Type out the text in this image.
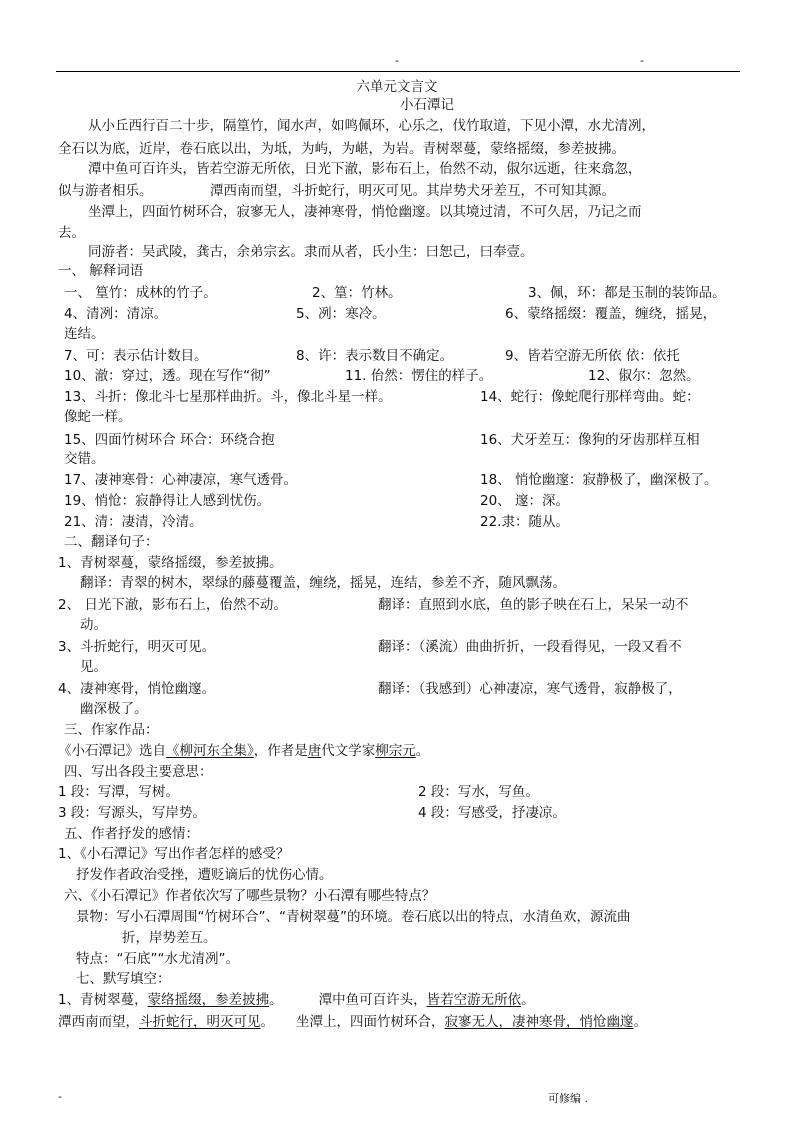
-	-
六单元文言文
小石潭记
从小丘西行百二十步，隔篁竹，闻水声，如鸣佩环，心乐之，伐竹取道，下见小潭，水尤清冽，
全石以为底，近岸，卷石底以出，为坻，为屿，为嵁，为岩。青树翠蔓，蒙络摇缀，参差披拂。
潭中鱼可百许头，皆若空游无所依，日光下澈，影布石上，佁然不动，俶尔远逝，往来翕忽，
似与游者相乐。	潭西南而望，斗折蛇行，明灭可见。其岸势犬牙差互，不可知其源。
坐潭上，四面竹树环合，寂寥无人，凄神寒骨，悄怆幽邃。以其境过清，不可久居，乃记之而
去。
同游者：吴武陵，龚古，余弟宗玄。隶而从者，氏小生：曰恕己，曰奉壹。
一、 解释词语
一、 篁竹：成林的竹子。	2、篁：竹林。	3、佩，环：都是玉制的装饰品。
4、清冽：清凉。	5、冽：寒冷。	6、蒙络摇缀：覆盖，缠绕，摇晃，
连结。
7、可：表示估计数目。	8、许：表示数目不确定。	9、皆若空游无所依 依：依托
10、澈：穿过，透。现在写作“彻”	11. 佁然：愣住的样子。	12、俶尔：忽然。
13、斗折：像北斗七星那样曲折。斗，像北斗星一样。	14、蛇行：像蛇爬行那样弯曲。蛇：
像蛇一样。
15、四面竹树环合 环合：环绕合抱	16、犬牙差互：像狗的牙齿那样互相
交错。
17、凄神寒骨：心神凄凉，寒气透骨。	18、 悄怆幽邃：寂静极了，幽深极了。
19、悄怆：寂静得让人感到忧伤。	20、 邃：深。
21、清：凄清，冷清。	22.隶：随从。
二、翻译句子：
1、青树翠蔓，蒙络摇缀，参差披拂。
翻译：青翠的树木，翠绿的藤蔓覆盖，缠绕，摇晃，连结，参差不齐，随风飘荡。
2、 日光下澈，影布石上，佁然不动。	翻译：直照到水底，鱼的影子映在石上，呆呆一动不
动。
3、斗折蛇行，明灭可见。	翻译：（溪流）曲曲折折，一段看得见，一段又看不
见。
4、凄神寒骨，悄怆幽邃。	翻译：（我感到）心神凄凉，寒气透骨，寂静极了，
幽深极了。
三、作家作品：
《小石潭记》选自《柳河东全集》，作者是唐代文学家柳宗元。
四、写出各段主要意思：
1 段：写潭，写树。	2 段：写水，写鱼。
3 段：写源头，写岸势。	4 段：写感受，抒凄凉。
五、作者抒发的感情：
1、《小石潭记》写出作者怎样的感受？
抒发作者政治受挫，遭贬谪后的忧伤心情。
六、《小石潭记》作者依次写了哪些景物？小石潭有哪些特点？
景物：写小石潭周围“竹树环合”、“青树翠蔓”的环境。卷石底以出的特点，水清鱼欢，源流曲
折，岸势差互。
特点：“石底”“水尤清冽”。
七、默写填空：
1、青树翠蔓，蒙络摇缀，参差披拂。	潭中鱼可百许头，皆若空游无所依。
潭西南而望，斗折蛇行，明灭可见。 坐潭上，四面竹树环合，寂寥无人，凄神寒骨，悄怆幽邃。
-	可修编 .
